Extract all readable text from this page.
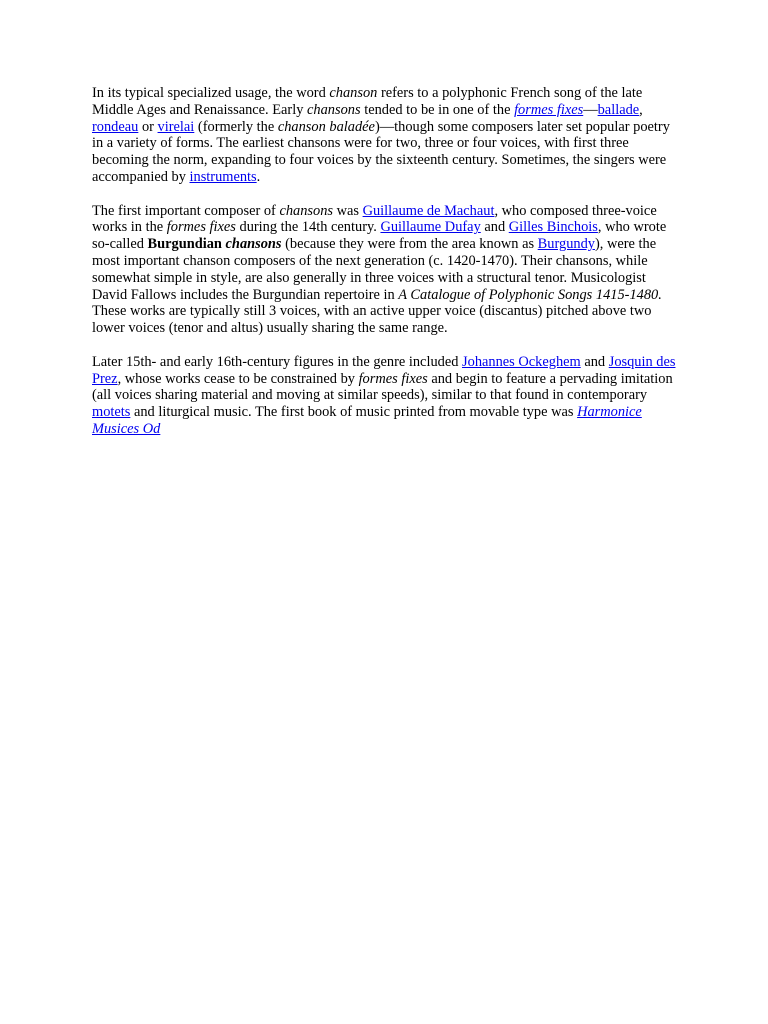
In its typical specialized usage, the word chanson refers to a polyphonic French song of the late Middle Ages and Renaissance. Early chansons tended to be in one of the formes fixes—ballade, rondeau or virelai (formerly the chanson baladée)—though some composers later set popular poetry in a variety of forms. The earliest chansons were for two, three or four voices, with first three becoming the norm, expanding to four voices by the sixteenth century. Sometimes, the singers were accompanied by instruments.

The first important composer of chansons was Guillaume de Machaut, who composed three-voice works in the formes fixes during the 14th century. Guillaume Dufay and Gilles Binchois, who wrote so-called Burgundian chansons (because they were from the area known as Burgundy), were the most important chanson composers of the next generation (c. 1420-1470). Their chansons, while somewhat simple in style, are also generally in three voices with a structural tenor. Musicologist David Fallows includes the Burgundian repertoire in A Catalogue of Polyphonic Songs 1415-1480. These works are typically still 3 voices, with an active upper voice (discantus) pitched above two lower voices (tenor and altus) usually sharing the same range.

Later 15th- and early 16th-century figures in the genre included Johannes Ockeghem and Josquin des Prez, whose works cease to be constrained by formes fixes and begin to feature a pervading imitation (all voices sharing material and moving at similar speeds), similar to that found in contemporary motets and liturgical music. The first book of music printed from movable type was Harmonice Musices Od
